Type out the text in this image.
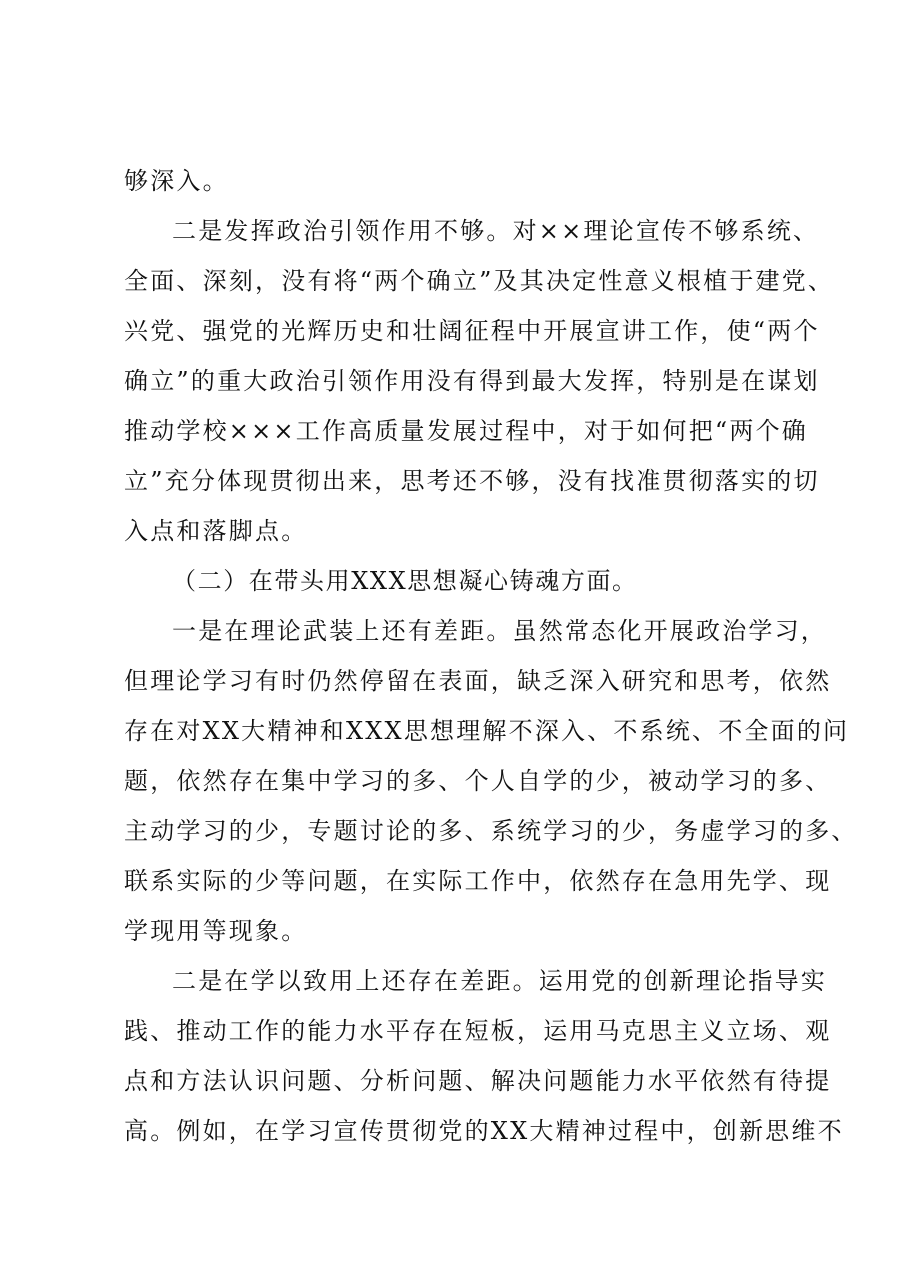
够深入。
二是发挥政治引领作用不够。对××理论宣传不够系统、
全面、深刻，没有将“两个确立”及其决定性意义根植于建党、
兴党、强党的光辉历史和壮阔征程中开展宣讲工作，使“两个
确立”的重大政治引领作用没有得到最大发挥，特别是在谋划
推动学校×××工作高质量发展过程中，对于如何把“两个确
立”充分体现贯彻出来，思考还不够，没有找准贯彻落实的切
入点和落脚点。
（二）在带头用XXX思想凝心铸魂方面。
一是在理论武装上还有差距。虽然常态化开展政治学习，
但理论学习有时仍然停留在表面，缺乏深入研究和思考，依然
存在对XX大精神和XXX思想理解不深入、不系统、不全面的问
题，依然存在集中学习的多、个人自学的少，被动学习的多、
主动学习的少，专题讨论的多、系统学习的少，务虚学习的多、
联系实际的少等问题，在实际工作中，依然存在急用先学、现
学现用等现象。
二是在学以致用上还存在差距。运用党的创新理论指导实
践、推动工作的能力水平存在短板，运用马克思主义立场、观
点和方法认识问题、分析问题、解决问题能力水平依然有待提
高。例如，在学习宣传贯彻党的XX大精神过程中，创新思维不
